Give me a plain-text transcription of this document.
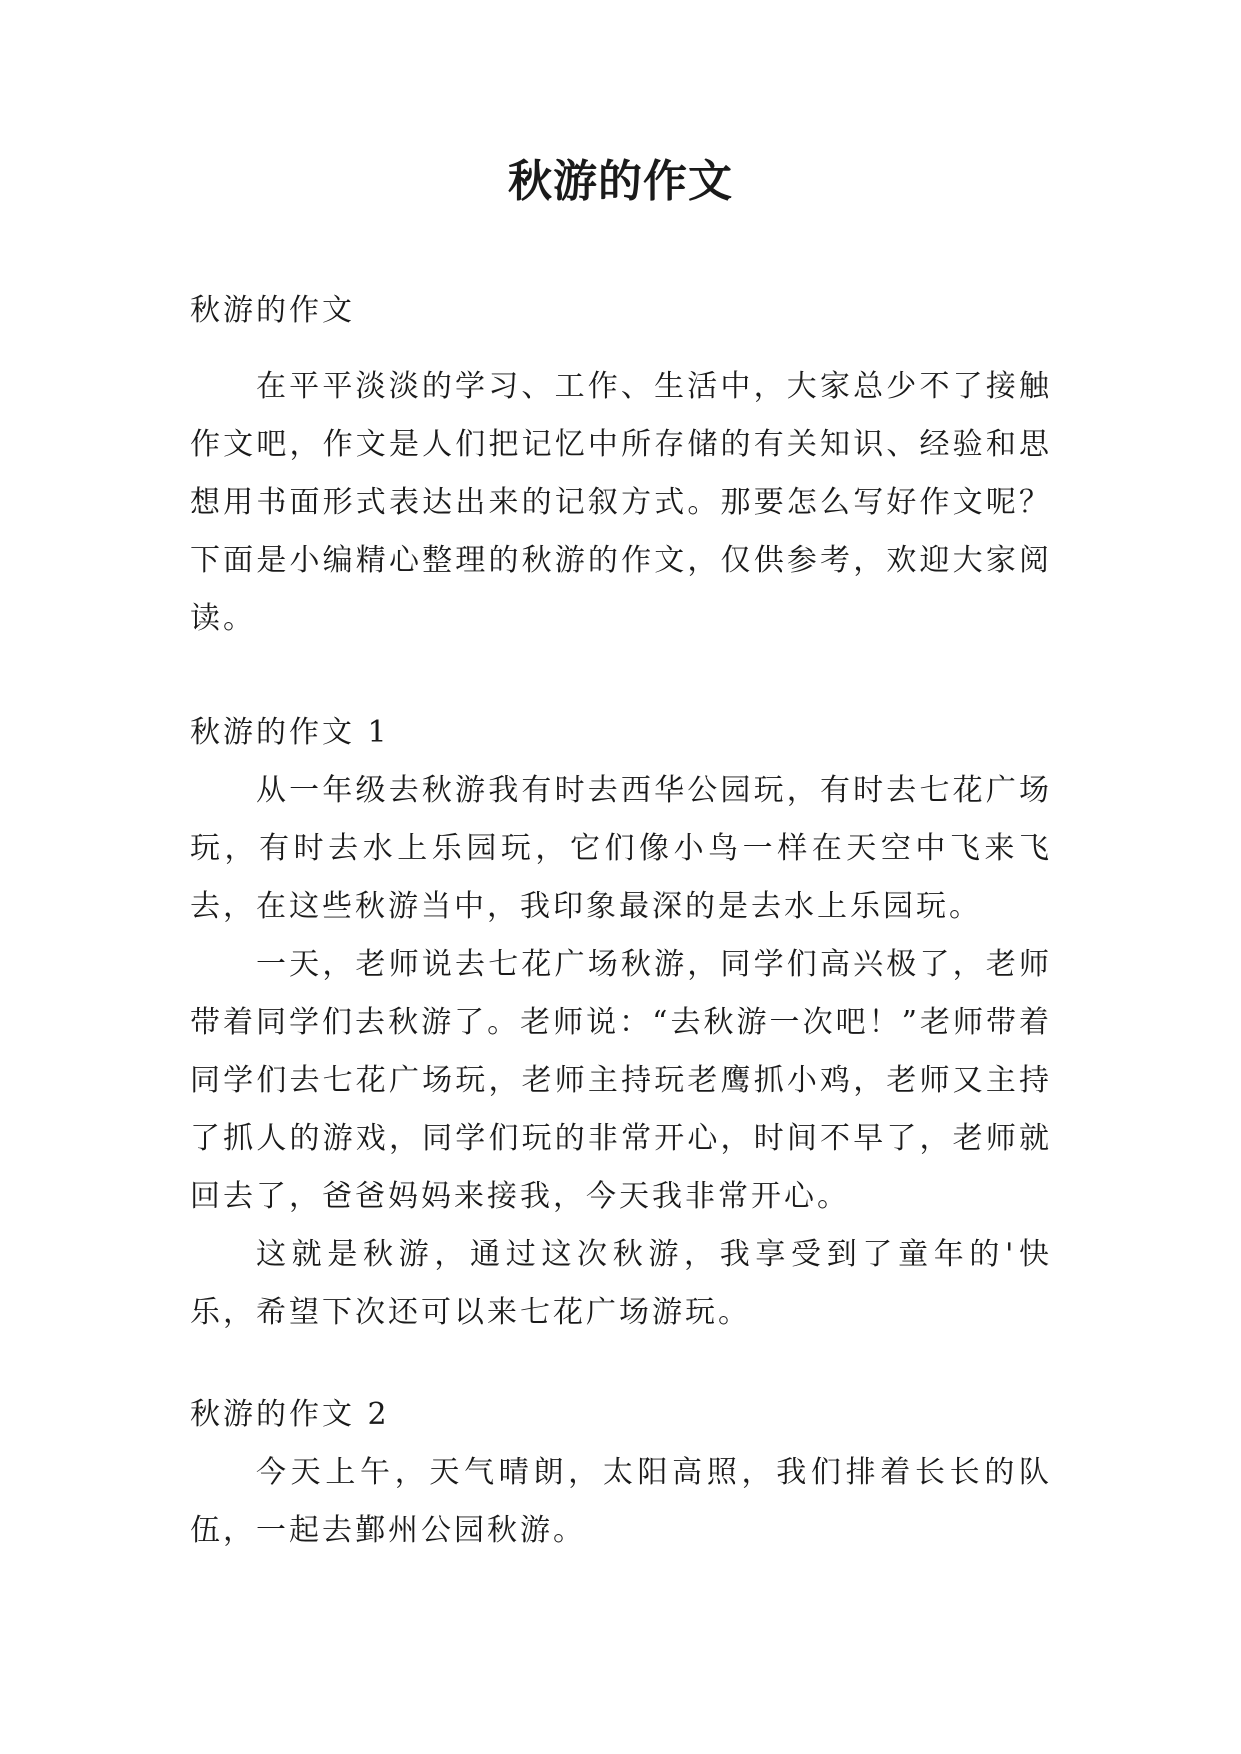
秋游的作文

秋游的作文

在平平淡淡的学习、工作、生活中，大家总少不了接触作文吧，作文是人们把记忆中所存储的有关知识、经验和思想用书面形式表达出来的记叙方式。那要怎么写好作文呢？下面是小编精心整理的秋游的作文，仅供参考，欢迎大家阅读。

秋游的作文 1

从一年级去秋游我有时去西华公园玩，有时去七花广场玩，有时去水上乐园玩，它们像小鸟一样在天空中飞来飞去，在这些秋游当中，我印象最深的是去水上乐园玩。

一天，老师说去七花广场秋游，同学们高兴极了，老师带着同学们去秋游了。老师说：“去秋游一次吧！”老师带着同学们去七花广场玩，老师主持玩老鹰抓小鸡，老师又主持了抓人的游戏，同学们玩的非常开心，时间不早了，老师就回去了，爸爸妈妈来接我，今天我非常开心。

这就是秋游，通过这次秋游，我享受到了童年的'快乐，希望下次还可以来七花广场游玩。

秋游的作文 2

今天上午，天气晴朗，太阳高照，我们排着长长的队伍，一起去鄞州公园秋游。
